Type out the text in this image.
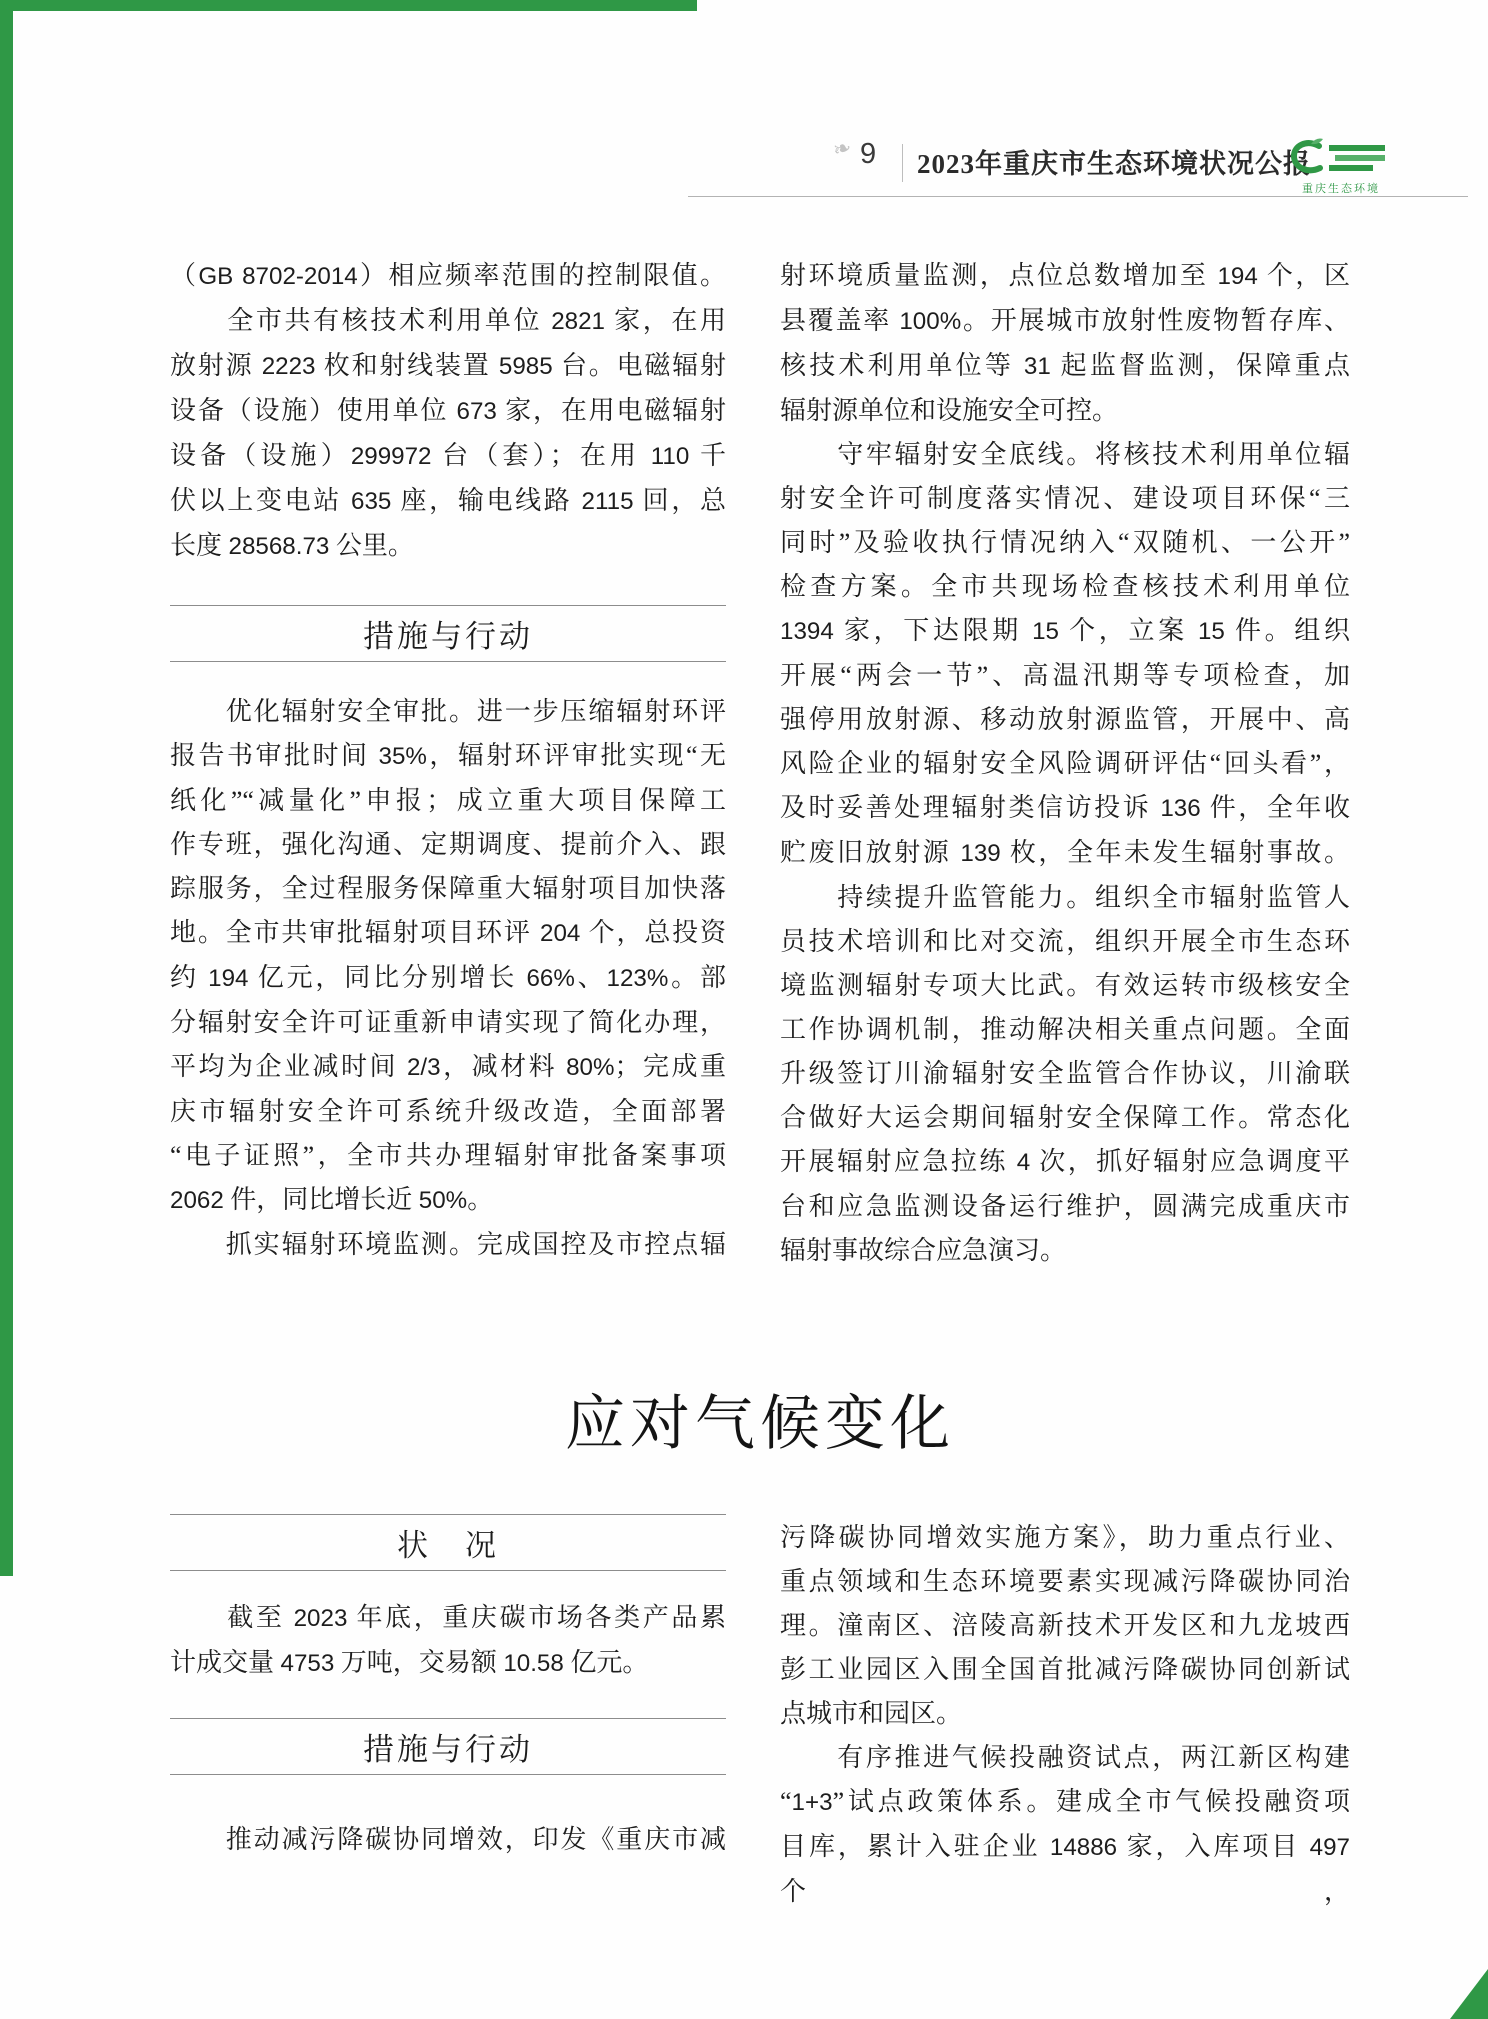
❧ 9 2023年重庆市生态环境状况公报
重庆生态环境
（GB 8702-2014）相应频率范围的控制限值。
　　全市共有核技术利用单位 2821 家，在用
放射源 2223 枚和射线装置 5985 台。电磁辐射
设备（设施）使用单位 673 家，在用电磁辐射
设备（设施）299972 台（套）；在用 110 千
伏以上变电站 635 座，输电线路 2115 回，总
长度 28568.73 公里。
措施与行动
　　优化辐射安全审批。进一步压缩辐射环评
报告书审批时间 35%，辐射环评审批实现“无
纸化”“减量化”申报；成立重大项目保障工
作专班，强化沟通、定期调度、提前介入、跟
踪服务，全过程服务保障重大辐射项目加快落
地。全市共审批辐射项目环评 204 个，总投资
约 194 亿元，同比分别增长 66%、123%。部
分辐射安全许可证重新申请实现了简化办理，
平均为企业减时间 2/3，减材料 80%；完成重
庆市辐射安全许可系统升级改造，全面部署
“电子证照”，全市共办理辐射审批备案事项
2062 件，同比增长近 50%。
　　抓实辐射环境监测。完成国控及市控点辐
射环境质量监测，点位总数增加至 194 个，区
县覆盖率 100%。开展城市放射性废物暂存库、
核技术利用单位等 31 起监督监测，保障重点
辐射源单位和设施安全可控。
　　守牢辐射安全底线。将核技术利用单位辐
射安全许可制度落实情况、建设项目环保“三
同时”及验收执行情况纳入“双随机、一公开”
检查方案。全市共现场检查核技术利用单位
1394 家，下达限期 15 个，立案 15 件。组织
开展“两会一节”、高温汛期等专项检查，加
强停用放射源、移动放射源监管，开展中、高
风险企业的辐射安全风险调研评估“回头看”，
及时妥善处理辐射类信访投诉 136 件，全年收
贮废旧放射源 139 枚，全年未发生辐射事故。
　　持续提升监管能力。组织全市辐射监管人
员技术培训和比对交流，组织开展全市生态环
境监测辐射专项大比武。有效运转市级核安全
工作协调机制，推动解决相关重点问题。全面
升级签订川渝辐射安全监管合作协议，川渝联
合做好大运会期间辐射安全保障工作。常态化
开展辐射应急拉练 4 次，抓好辐射应急调度平
台和应急监测设备运行维护，圆满完成重庆市
辐射事故综合应急演习。
应对气候变化
状　况
　　截至 2023 年底，重庆碳市场各类产品累
计成交量 4753 万吨，交易额 10.58 亿元。
措施与行动
　　推动减污降碳协同增效，印发《重庆市减
污降碳协同增效实施方案》，助力重点行业、
重点领域和生态环境要素实现减污降碳协同治
理。潼南区、涪陵高新技术开发区和九龙坡西
彭工业园区入围全国首批减污降碳协同创新试
点城市和园区。
　　有序推进气候投融资试点，两江新区构建
“1+3”试点政策体系。建成全市气候投融资项
目库，累计入驻企业 14886 家，入库项目 497 个，
